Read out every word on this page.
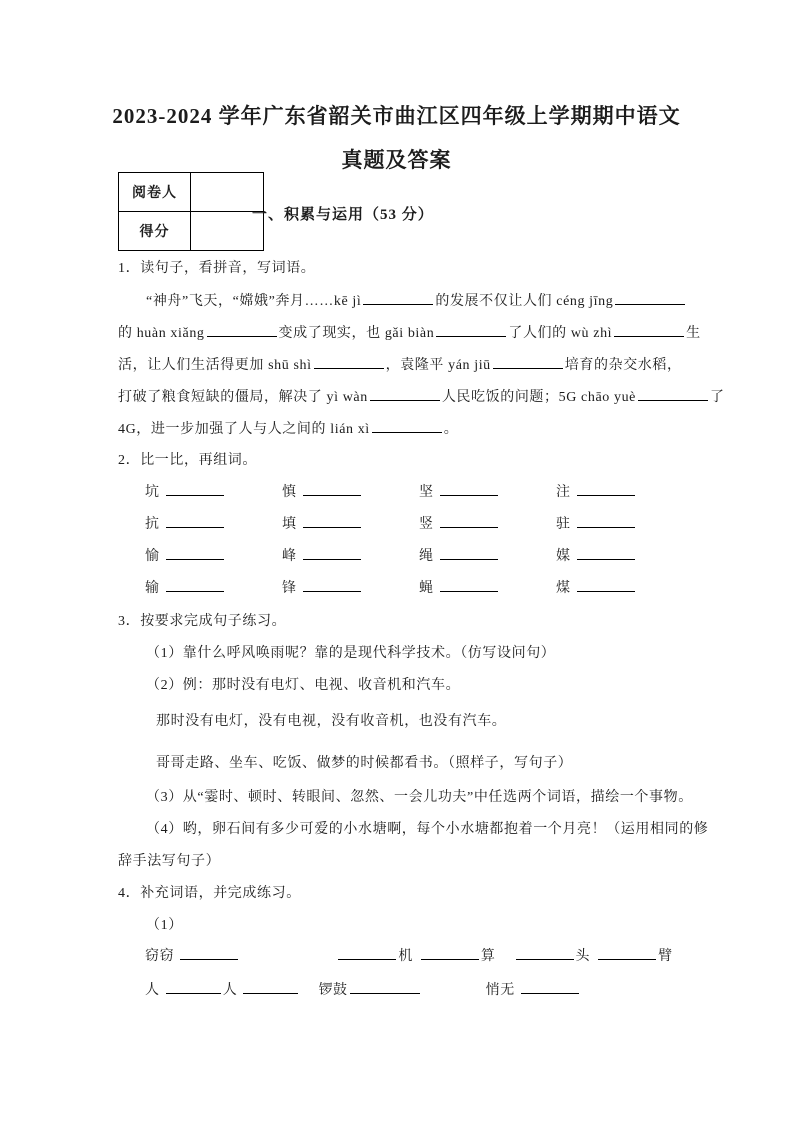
2023-2024 学年广东省韶关市曲江区四年级上学期期中语文
真题及答案
阅卷人	
得分	
一、积累与运用（53 分）
1．读句子，看拼音，写词语。
“神舟”飞天，“嫦娥”奔月……kē jì	的发展不仅让人们 céng jīng
的 huàn xiǎng	变成了现实，也 gǎi biàn	了人们的 wù zhì	生
活，让人们生活得更加 shū shì	，袁隆平 yán jiū	培育的杂交水稻，
打破了粮食短缺的僵局，解决了 yì wàn	人民吃饭的问题；5G chāo yuè	了
4G，进一步加强了人与人之间的 lián xì	。
2．比一比，再组词。
坑	慎	坚	注
抗	填	竖	驻
愉	峰	绳	媒
输	锋	蝇	煤
3．按要求完成句子练习。
（1）靠什么呼风唤雨呢？靠的是现代科学技术。（仿写设问句）
（2）例：那时没有电灯、电视、收音机和汽车。
那时没有电灯，没有电视，没有收音机，也没有汽车。
哥哥走路、坐车、吃饭、做梦的时候都看书。（照样子，写句子）
（3）从“霎时、顿时、转眼间、忽然、一会儿功夫”中任选两个词语，描绘一个事物。
（4）哟，卵石间有多少可爱的小水塘啊，每个小水塘都抱着一个月亮！（运用相同的修
辞手法写句子）
4．补充词语，并完成练习。
（1）
窃窃	机	算	头	臂
人	人	锣鼓	悄无
